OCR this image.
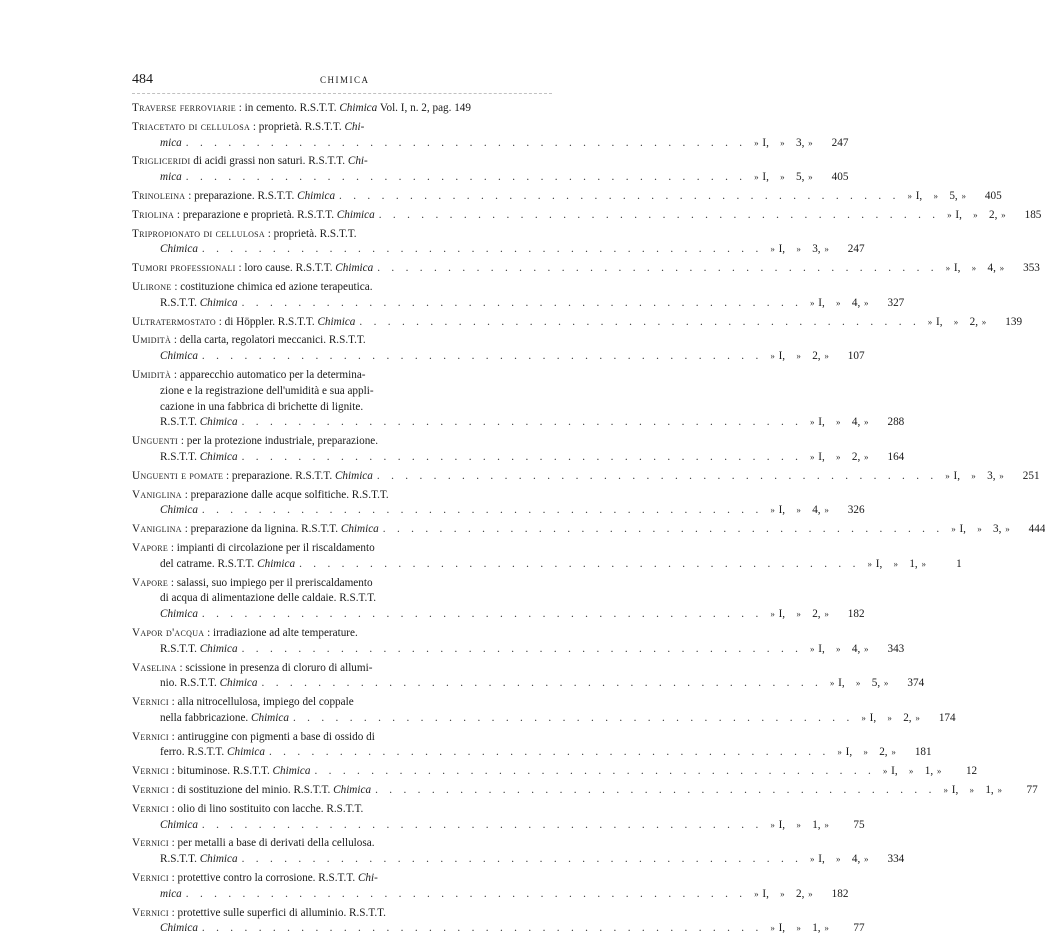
484	CHIMICA
Traverse ferroviarie : in cemento. R.S.T.T. Chimica Vol. I, n. 2, pag. 149
Triacetato di cellulosa : proprietà. R.S.T.T. Chi-
mica . . . . . . . . . . . . . . . . . . . . . . . . . . . . . . . . . . . . . . . . » I,	»	3, »	247
Trigliceridi di acidi grassi non saturi. R.S.T.T. Chi-
mica . . . . . . . . . . . . . . . . . . . . . . . . . . . . . . . . . . . . . . . . » I,	»	5, »	405
Trinoleina : preparazione. R.S.T.T. Chimica . . . . . . . . . . . . . . . . . . . . . . . . . . . . . . . . . . . . . . . . » I,	»	5, »	405
Triolina : preparazione e proprietà. R.S.T.T. Chimica . . . . . . . . . . . . . . . . . . . . . . . . . . . . . . . . . . . . . . . . » I,	»	2, »	185
Tripropionato di cellulosa : proprietà. R.S.T.T.
Chimica . . . . . . . . . . . . . . . . . . . . . . . . . . . . . . . . . . . . . . . . » I,	»	3, »	247
Tumori professionali : loro cause. R.S.T.T. Chimica . . . . . . . . . . . . . . . . . . . . . . . . . . . . . . . . . . . . . . . . » I,	»	4, »	353
Ulirone : costituzione chimica ed azione terapeutica.
R.S.T.T. Chimica . . . . . . . . . . . . . . . . . . . . . . . . . . . . . . . . . . . . . . . . » I,	»	4, »	327
Ultratermostato : di Höppler. R.S.T.T. Chimica . . . . . . . . . . . . . . . . . . . . . . . . . . . . . . . . . . . . . . . . » I,	»	2, »	139
Umidità : della carta, regolatori meccanici. R.S.T.T.
Chimica . . . . . . . . . . . . . . . . . . . . . . . . . . . . . . . . . . . . . . . . » I,	»	2, »	107
Umidità : apparecchio automatico per la determina-
zione e la registrazione dell'umidità e sua appli-
cazione in una fabbrica di brichette di lignite.
R.S.T.T. Chimica . . . . . . . . . . . . . . . . . . . . . . . . . . . . . . . . . . . . . . . . » I,	»	4, »	288
Unguenti : per la protezione industriale, preparazione.
R.S.T.T. Chimica . . . . . . . . . . . . . . . . . . . . . . . . . . . . . . . . . . . . . . . . » I,	»	2, »	164
Unguenti e pomate : preparazione. R.S.T.T. Chimica . . . . . . . . . . . . . . . . . . . . . . . . . . . . . . . . . . . . . . . . » I,	»	3, »	251
Vaniglina : preparazione dalle acque solfitiche. R.S.T.T.
Chimica . . . . . . . . . . . . . . . . . . . . . . . . . . . . . . . . . . . . . . . . » I,	»	4, »	326
Vaniglina : preparazione da lignina. R.S.T.T. Chimica . . . . . . . . . . . . . . . . . . . . . . . . . . . . . . . . . . . . . . . . » I,	»	3, »	444
Vapore : impianti di circolazione per il riscaldamento
del catrame. R.S.T.T. Chimica . . . . . . . . . . . . . . . . . . . . . . . . . . . . . . . . . . . . . . . . » I,	»	1, »	1
Vapore : salassi, suo impiego per il preriscaldamento
di acqua di alimentazione delle caldaie. R.S.T.T.
Chimica . . . . . . . . . . . . . . . . . . . . . . . . . . . . . . . . . . . . . . . . » I,	»	2, »	182
Vapor d'acqua : irradiazione ad alte temperature.
R.S.T.T. Chimica . . . . . . . . . . . . . . . . . . . . . . . . . . . . . . . . . . . . . . . . » I,	»	4, »	343
Vaselina : scissione in presenza di cloruro di allumi-
nio. R.S.T.T. Chimica . . . . . . . . . . . . . . . . . . . . . . . . . . . . . . . . . . . . . . . . » I,	»	5, »	374
Vernici : alla nitrocellulosa, impiego del coppale
nella fabbricazione. Chimica . . . . . . . . . . . . . . . . . . . . . . . . . . . . . . . . . . . . . . . . » I,	»	2, »	174
Vernici : antiruggine con pigmenti a base di ossido di
ferro. R.S.T.T. Chimica . . . . . . . . . . . . . . . . . . . . . . . . . . . . . . . . . . . . . . . . » I,	»	2, »	181
Vernici : bituminose. R.S.T.T. Chimica . . . . . . . . . . . . . . . . . . . . . . . . . . . . . . . . . . . . . . . . » I,	»	1, »	12
Vernici : di sostituzione del minio. R.S.T.T. Chimica . . . . . . . . . . . . . . . . . . . . . . . . . . . . . . . . . . . . . . . . » I,	»	1, »	77
Vernici : olio di lino sostituito con lacche. R.S.T.T.
Chimica . . . . . . . . . . . . . . . . . . . . . . . . . . . . . . . . . . . . . . . . » I,	»	1, »	75
Vernici : per metalli a base di derivati della cellulosa.
R.S.T.T. Chimica . . . . . . . . . . . . . . . . . . . . . . . . . . . . . . . . . . . . . . . . » I,	»	4, »	334
Vernici : protettive contro la corrosione. R.S.T.T. Chi-
mica . . . . . . . . . . . . . . . . . . . . . . . . . . . . . . . . . . . . . . . . » I,	»	2, »	182
Vernici : protettive sulle superfici di alluminio. R.S.T.T.
Chimica . . . . . . . . . . . . . . . . . . . . . . . . . . . . . . . . . . . . . . . . » I,	»	1, »	77
